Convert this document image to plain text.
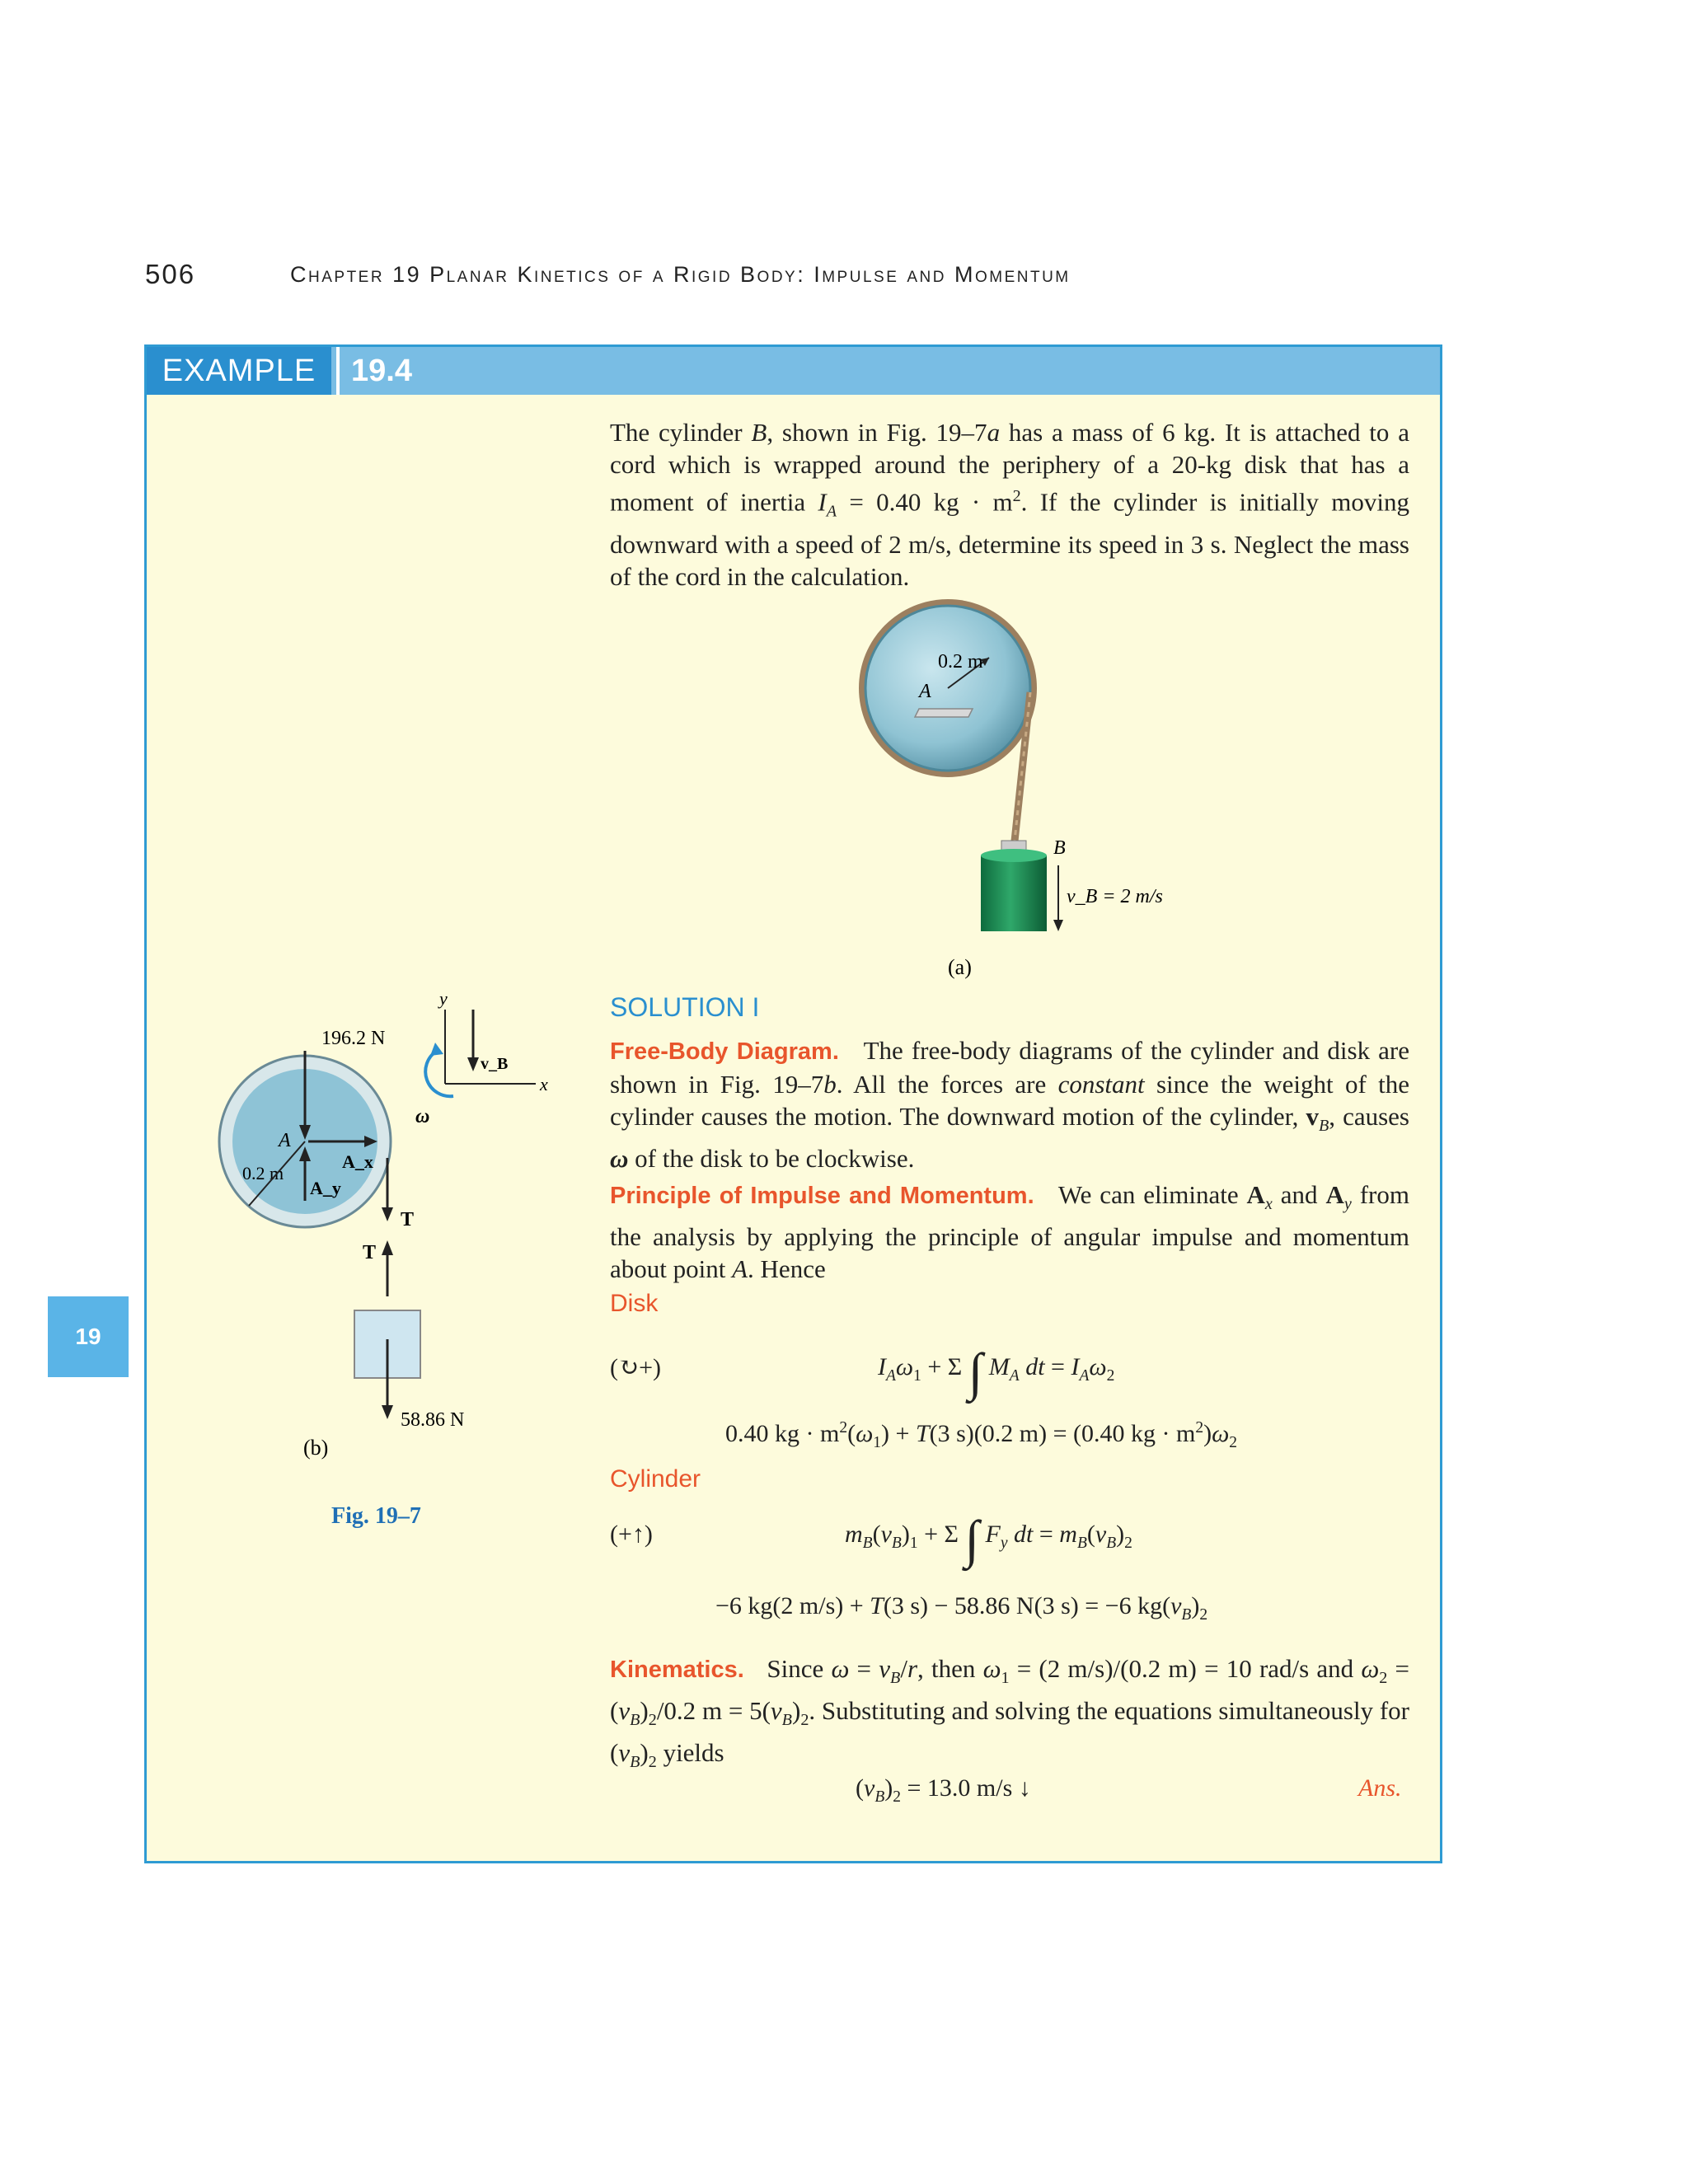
506	Chapter 19 Planar Kinetics of a Rigid Body: Impulse and Momentum
EXAMPLE	19.4
19
The cylinder B, shown in Fig. 19–7a has a mass of 6 kg. It is attached to a cord which is wrapped around the periphery of a 20-kg disk that has a moment of inertia $I_A = 0.40$ kg · $m^2$. If the cylinder is initially moving downward with a speed of 2 m/s, determine its speed in 3 s. Neglect the mass of the cord in the calculation.
0.2 m
A
B
v_B = 2 m/s
(a)
y
x
v_B
ω
196.2 N
A
A_x
A_y
0.2 m
T
T
58.86 N
(b)
Fig. 19–7
SOLUTION I
Free-Body Diagram.   The free-body diagrams of the cylinder and disk are shown in Fig. 19–7b. All the forces are constant since the weight of the cylinder causes the motion. The downward motion of the cylinder, $v_B$, causes ω of the disk to be clockwise.
Principle of Impulse and Momentum.   We can eliminate $A_x$ and $A_y$ from the analysis by applying the principle of angular impulse and momentum about point A. Hence
Disk
(↻+)	$I_A\omega_1 + \Sigma$ ∫ $M_A$ dt = $I_A\omega_2$
0.40 kg · $m^2(\omega_1) + T(3$ s)(0.2 m) = (0.40 kg · $m^2)\omega_2$
Cylinder
(+↑)	$m_B(v_B)_1 + \Sigma$ ∫ $F_y$ dt = $m_B(v_B)_2$
−6 kg(2 m/s) + T(3 s) − 58.86 N(3 s) = −6 $kg(v_B)_2$
Kinematics.   Since $\omega = v_B/r$, then $\omega_1 = (2$ m/s)/(0.2 m) = 10 rad/s and $\omega_2 = (v_B)_2/0.2$ $m = 5(v_B)_2$. Substituting and solving the equations simultaneously for $(v_B)_2$ yields
$(v_B)_2 = 13.0$ m/s ↓	Ans.
